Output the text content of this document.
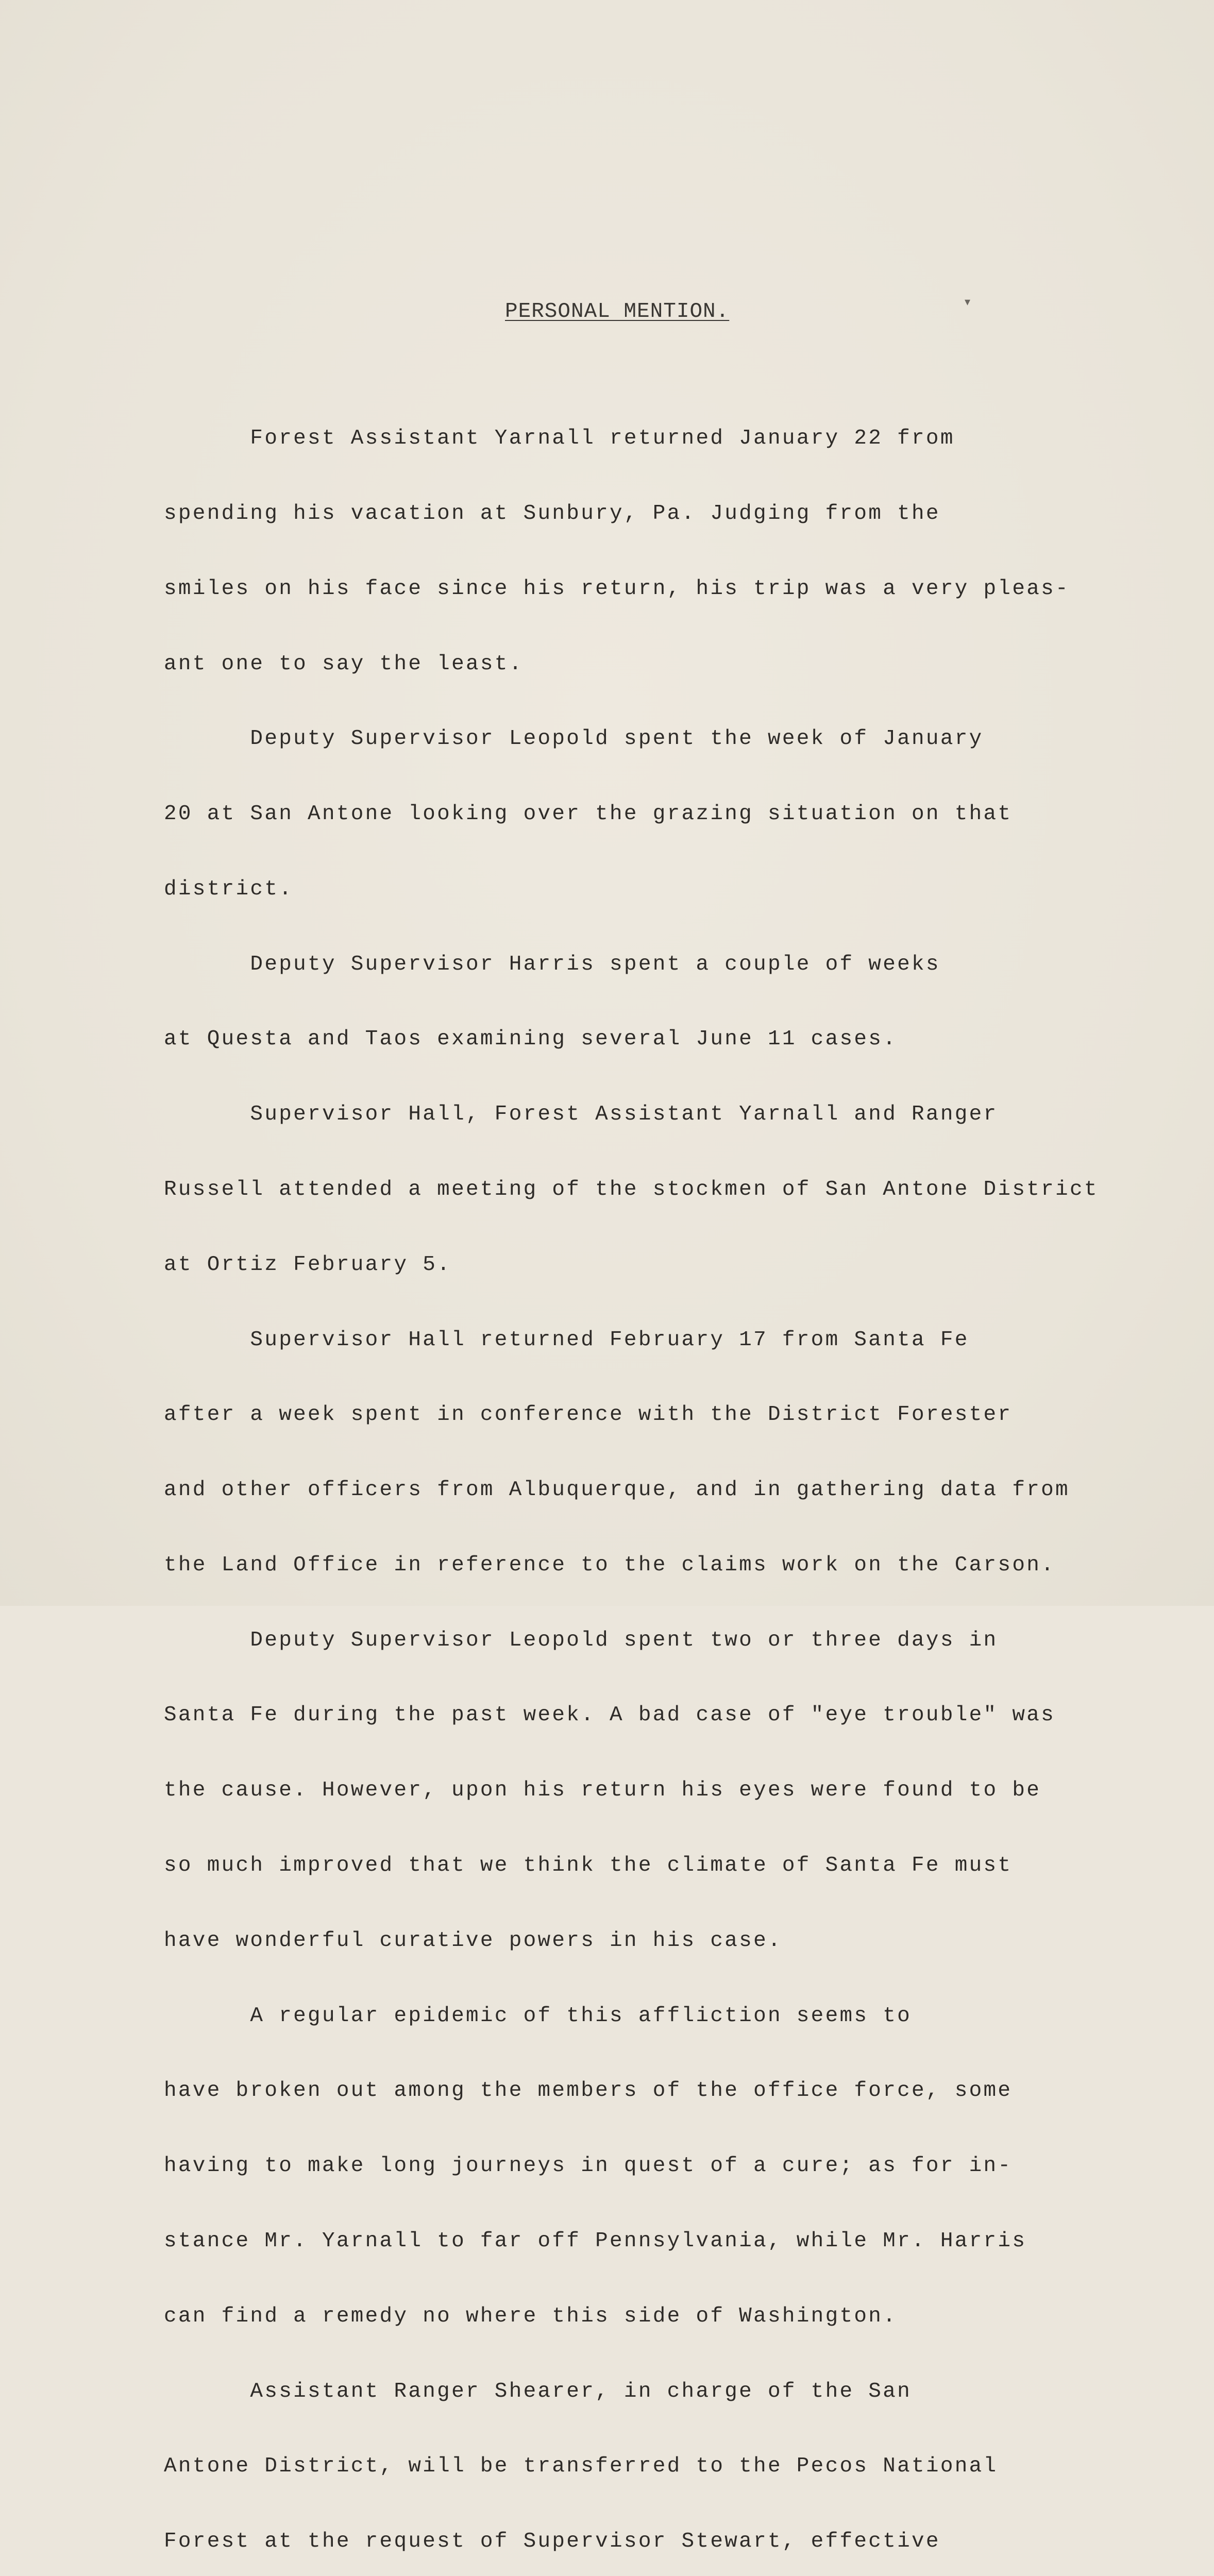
▾
PERSONAL MENTION.

Forest Assistant Yarnall returned January 22 from

spending his vacation at Sunbury, Pa. Judging from the

smiles on his face since his return, his trip was a very pleas-

ant one to say the least.

Deputy Supervisor Leopold spent the week of January

20 at San Antone looking over the grazing situation on that

district.

Deputy Supervisor Harris spent a couple of weeks

at Questa and Taos examining several June 11 cases.

Supervisor Hall, Forest Assistant Yarnall and Ranger

Russell attended a meeting of the stockmen of San Antone District

at Ortiz February 5.

Supervisor Hall returned February 17 from Santa Fe

after a week spent in conference with the District Forester

and other officers from Albuquerque, and in gathering data from

the Land Office in reference to the claims work on the Carson.

Deputy Supervisor Leopold spent two or three days in

Santa Fe during the past week. A bad case of "eye trouble" was

the cause. However, upon his return his eyes were found to be

so much improved that we think the climate of Santa Fe must

have wonderful curative powers in his case.

A regular epidemic of this affliction seems to

have broken out among the members of the office force, some

having to make long journeys in quest of a cure; as for in-

stance Mr. Yarnall to far off Pennsylvania, while Mr. Harris

can find a remedy no where this side of Washington.

Assistant Ranger Shearer, in charge of the San

Antone District, will be transferred to the Pecos National

Forest at the request of Supervisor Stewart, effective
